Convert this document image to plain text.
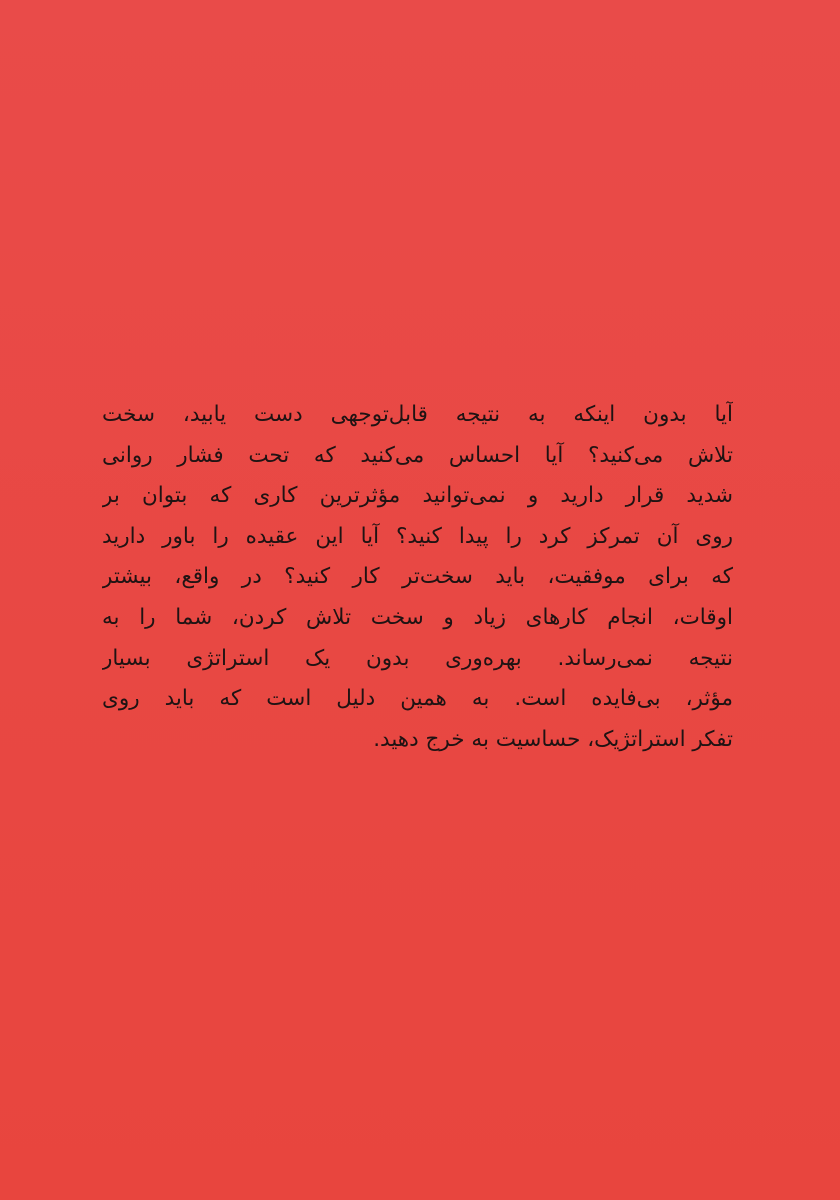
آیا بدون اینکه به نتیجه قابل‌توجهی دست یابید، سخت
تلاش می‌کنید؟ آیا احساس می‌کنید که تحت فشار روانی
شدید قرار دارید و نمی‌توانید مؤثرترین کاری که بتوان بر
روی آن تمرکز کرد را پیدا کنید؟ آیا این عقیده را باور دارید
که برای موفقیت، باید سخت‌تر کار کنید؟ در واقع، بیشتر
اوقات، انجام کارهای زیاد و سخت تلاش کردن، شما را به
نتیجه نمی‌رساند. بهره‌وری بدون یک استراتژی بسیار
مؤثر، بی‌فایده است. به همین دلیل است که باید روی
تفکر استراتژیک، حساسیت به خرج دهید.
